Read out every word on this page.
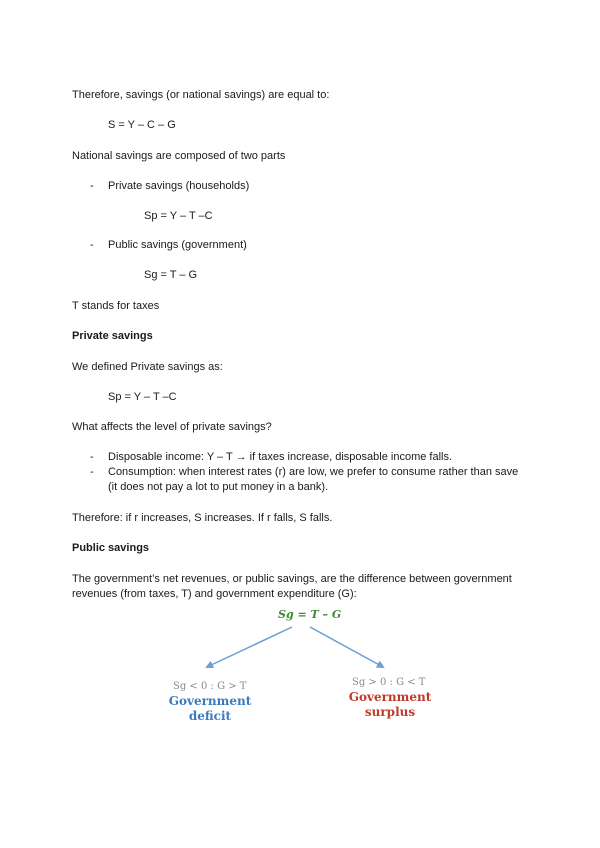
Therefore, savings (or national savings) are equal to:
S = Y – C – G
National savings are composed of two parts
- Private savings (households)
Sp = Y – T –C
- Public savings (government)
Sg = T – G
T stands for taxes
Private savings
We defined Private savings as:
Sp = Y – T –C
What affects the level of private savings?
- Disposable income: Y – T → if taxes increase, disposable income falls.
- Consumption: when interest rates (r) are low, we prefer to consume rather than save
(it does not pay a lot to put money in a bank).
Therefore: if r increases, S increases. If r falls, S falls.
Public savings
The government’s net revenues, or public savings, are the difference between government
revenues (from taxes, T) and government expenditure (G):
Sg = T – G
Sg < 0 : G > T
Government
deficit
Sg > 0 : G < T
Government
surplus
